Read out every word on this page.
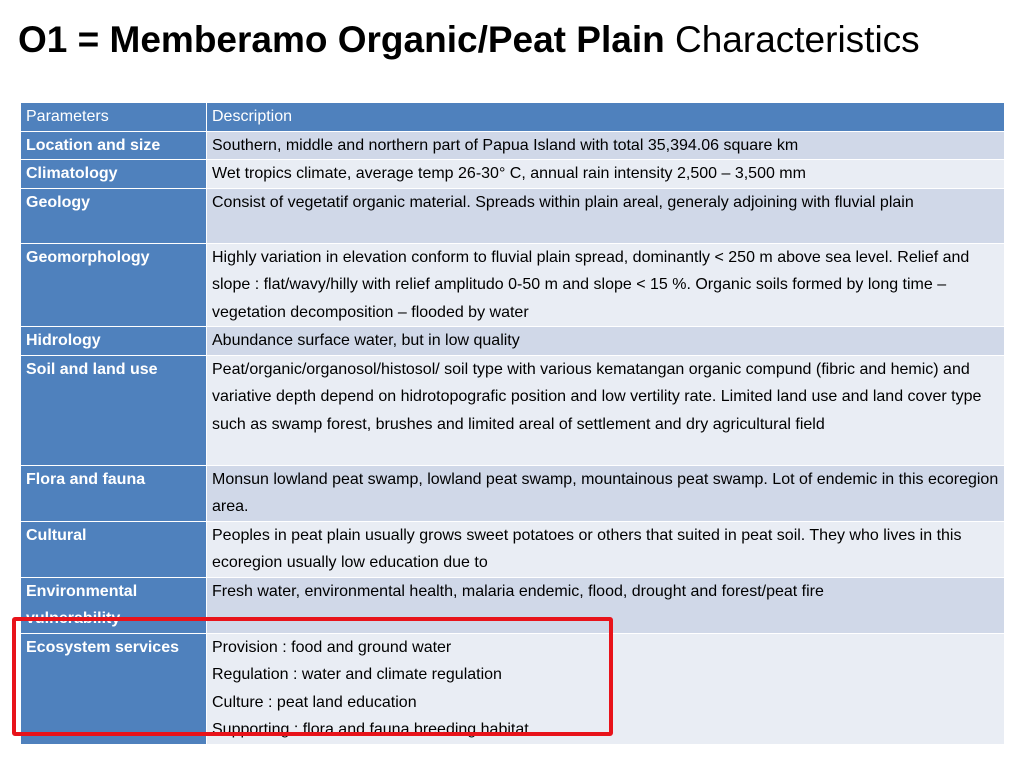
O1 = Memberamo Organic/Peat Plain Characteristics
Parameters	Description
Location and size	Southern, middle and northern part of Papua Island with total 35,394.06 square km

Climatology	Wet tropics climate, average temp 26-30° C, annual rain intensity 2,500 – 3,500 mm

Geology	Consist of vegetatif organic material. Spreads within plain areal, generaly adjoining with fluvial plain

Geomorphology	Highly variation in elevation conform to fluvial plain spread, dominantly < 250 m above sea level. Relief and slope : flat/wavy/hilly with relief amplitudo 0-50 m and slope < 15 %. Organic soils formed by long time – vegetation decomposition – flooded by water

Hidrology	Abundance surface water, but in low quality

Soil and land use	Peat/organic/organosol/histosol/ soil type with various kematangan organic compund (fibric and hemic) and variative depth depend on hidrotopografic position and low vertility rate. Limited land use and land cover type such as swamp forest, brushes and limited areal of settlement and dry agricultural field

Flora and fauna	Monsun lowland peat swamp, lowland peat swamp, mountainous peat swamp. Lot of endemic in this ecoregion area.

Cultural	Peoples in peat plain usually grows sweet potatoes or others that suited in peat soil. They who lives in this ecoregion usually low education due to

Environmental vulnerability	Fresh water, environmental health, malaria endemic, flood, drought and forest/peat fire

Ecosystem services	Provision : food and ground water
Regulation : water and climate regulation
Culture : peat land education
Supporting : flora and fauna breeding habitat
